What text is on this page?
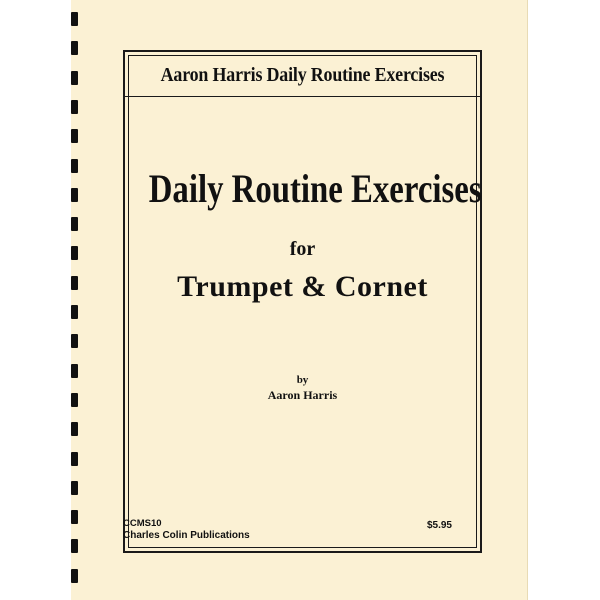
Aaron Harris Daily Routine Exercises
Daily Routine Exercises
for
Trumpet & Cornet
by
Aaron Harris
CCMS10
Charles Colin Publications
$5.95
